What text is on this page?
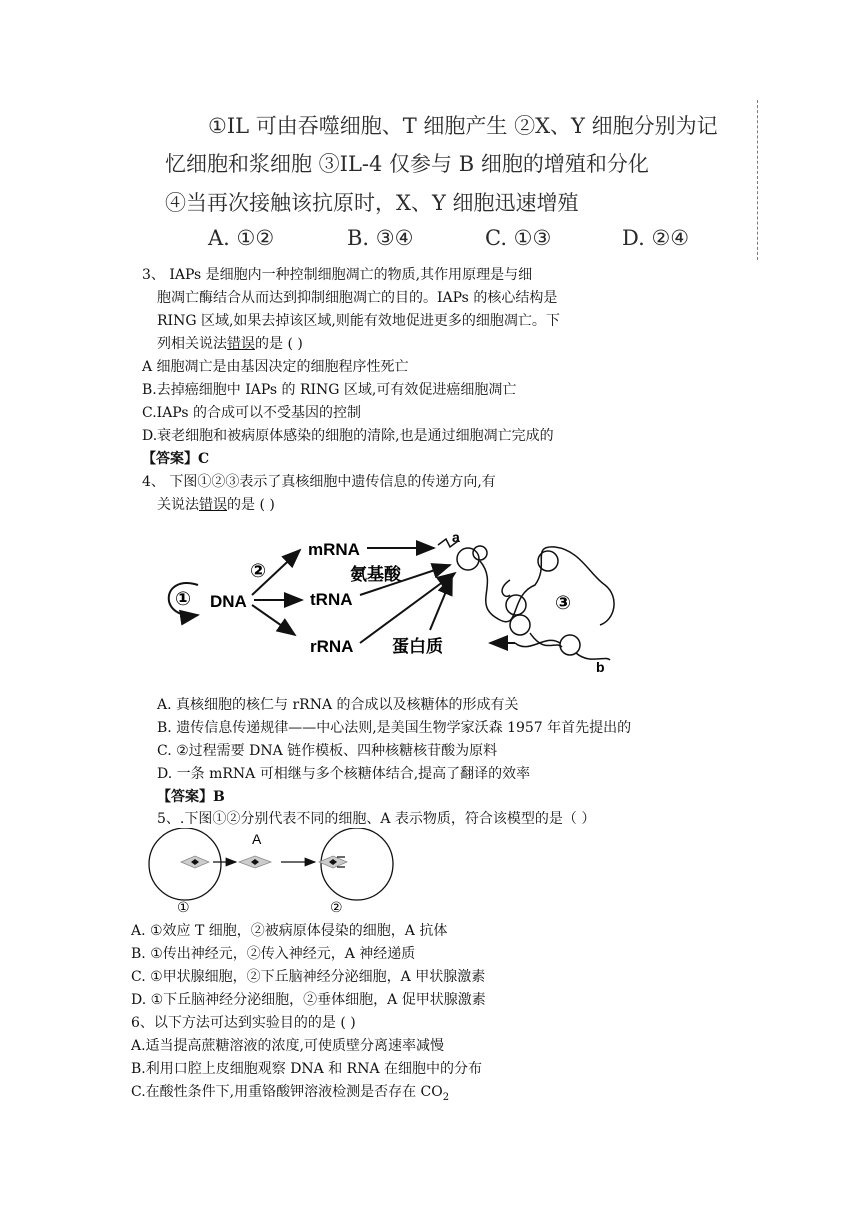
①IL 可由吞噬细胞、T 细胞产生 ②X、Y 细胞分别为记
忆细胞和浆细胞 ③IL-4 仅参与 B 细胞的增殖和分化
④当再次接触该抗原时，X、Y 细胞迅速增殖
A. ①②	B. ③④	C. ①③	D. ②④
3、 IAPs 是细胞内一种控制细胞凋亡的物质,其作用原理是与细
胞凋亡酶结合从而达到抑制细胞凋亡的目的。IAPs 的核心结构是
RING 区域,如果去掉该区域,则能有效地促进更多的细胞凋亡。下
列相关说法错误的是 ( )
A 细胞凋亡是由基因决定的细胞程序性死亡
B.去掉癌细胞中 IAPs 的 RING 区域,可有效促进癌细胞凋亡
C.IAPs 的合成可以不受基因的控制
D.衰老细胞和被病原体感染的细胞的清除,也是通过细胞凋亡完成的
【答案】C
4、 下图①②③表示了真核细胞中遗传信息的传递方向,有
关说法错误的是 ( )
① DNA
②
mRNA
tRNA
rRNA
氨基酸
蛋白质
a
③
b
A. 真核细胞的核仁与 rRNA 的合成以及核糖体的形成有关
B. 遗传信息传递规律——中心法则,是美国生物学家沃森 1957 年首先提出的
C. ②过程需要 DNA 链作模板、四种核糖核苷酸为原料
D. 一条 mRNA 可相继与多个核糖体结合,提高了翻译的效率
【答案】B
5、.下图①②分别代表不同的细胞、A 表示物质，符合该模型的是（ ）
A
①	②
A. ①效应 T 细胞，②被病原体侵染的细胞，A 抗体
B. ①传出神经元，②传入神经元，A 神经递质
C. ①甲状腺细胞，②下丘脑神经分泌细胞，A 甲状腺激素
D. ①下丘脑神经分泌细胞，②垂体细胞，A 促甲状腺激素
6、以下方法可达到实验目的的是 ( )
A.适当提高蔗糖溶液的浓度,可使质壁分离速率减慢
B.利用口腔上皮细胞观察 DNA 和 RNA 在细胞中的分布
C.在酸性条件下,用重铬酸钾溶液检测是否存在 $CO_2$
